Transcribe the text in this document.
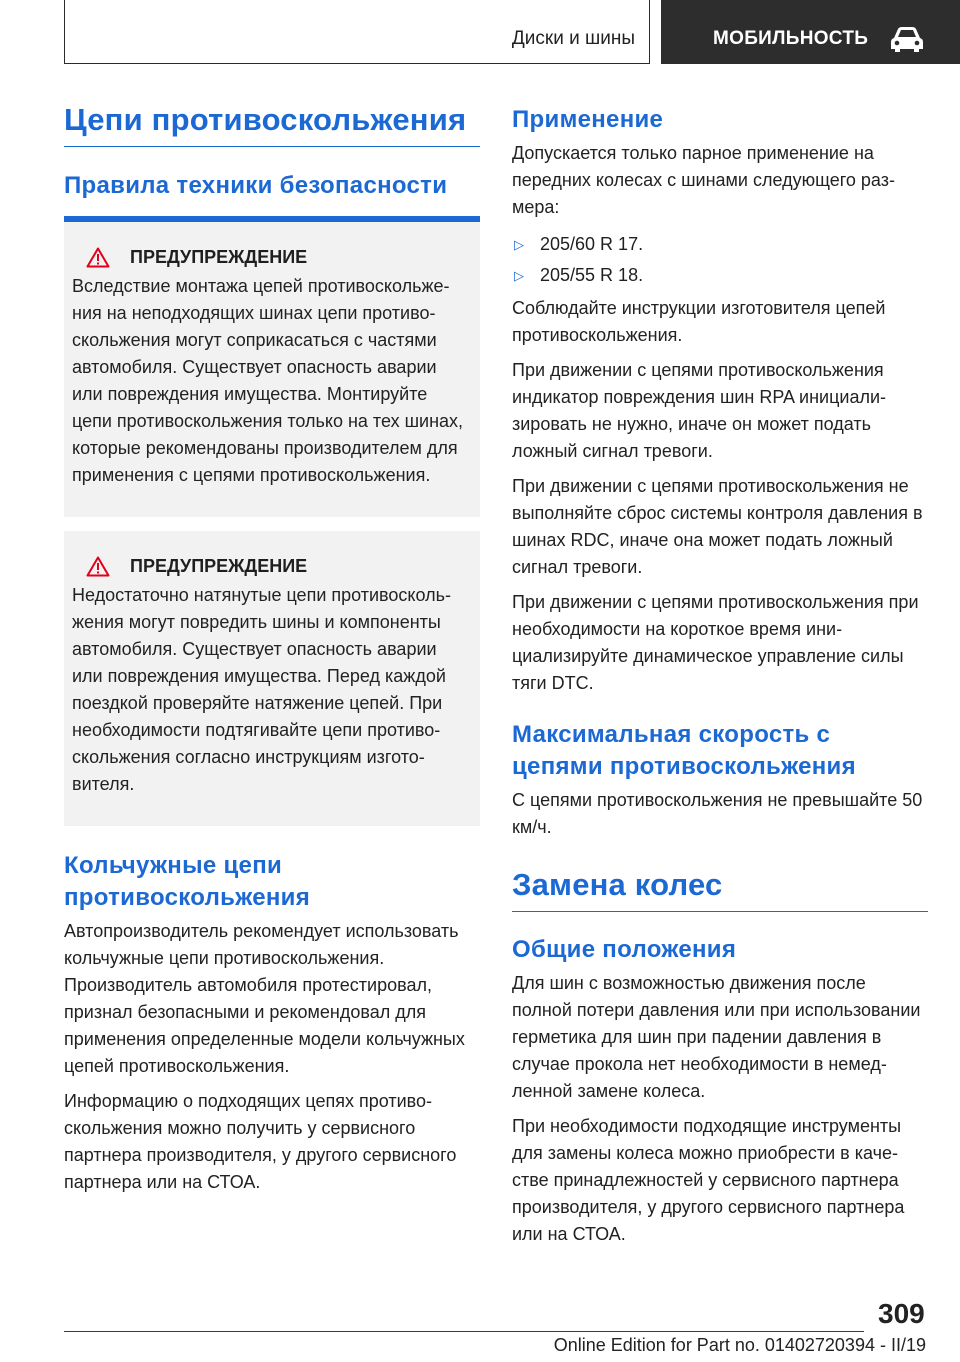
Диски и шины	МОБИЛЬНОСТЬ
Цепи противоскольжения
Правила техники безопасности
ПРЕДУПРЕЖДЕНИЕ
Вследствие монтажа цепей противоскольжения на неподходящих шинах цепи противоскольжения могут соприкасаться с частями автомобиля. Существует опасность аварии или повреждения имущества. Монтируйте цепи противоскольжения только на тех шинах, которые рекомендованы производителем для применения с цепями противоскольжения.
ПРЕДУПРЕЖДЕНИЕ
Недостаточно натянутые цепи противоскольжения могут повредить шины и компоненты автомобиля. Существует опасность аварии или повреждения имущества. Перед каждой поездкой проверяйте натяжение цепей. При необходимости подтягивайте цепи противоскольжения согласно инструкциям изготовителя.
Кольчужные цепи противоскольжения
Автопроизводитель рекомендует использовать кольчужные цепи противоскольжения. Производитель автомобиля протестировал, признал безопасными и рекомендовал для применения определенные модели кольчужных цепей противоскольжения.
Информацию о подходящих цепях противоскольжения можно получить у сервисного партнера производителя, у другого сервисного партнера или на СТОА.
Применение
Допускается только парное применение на передних колесах с шинами следующего размера:
▷ 205/60 R 17.
▷ 205/55 R 18.
Соблюдайте инструкции изготовителя цепей противоскольжения.
При движении с цепями противоскольжения индикатор повреждения шин RPA инициализировать не нужно, иначе он может подать ложный сигнал тревоги.
При движении с цепями противоскольжения не выполняйте сброс системы контроля давления в шинах RDC, иначе она может подать ложный сигнал тревоги.
При движении с цепями противоскольжения при необходимости на короткое время инициализируйте динамическое управление силы тяги DTC.
Максимальная скорость с цепями противоскольжения
С цепями противоскольжения не превышайте 50 км/ч.
Замена колес
Общие положения
Для шин с возможностью движения после полной потери давления или при использовании герметика для шин при падении давления в случае прокола нет необходимости в немедленной замене колеса.
При необходимости подходящие инструменты для замены колеса можно приобрести в качестве принадлежностей у сервисного партнера производителя, у другого сервисного партнера или на СТОА.
309
Online Edition for Part no. 01402720394 - II/19
